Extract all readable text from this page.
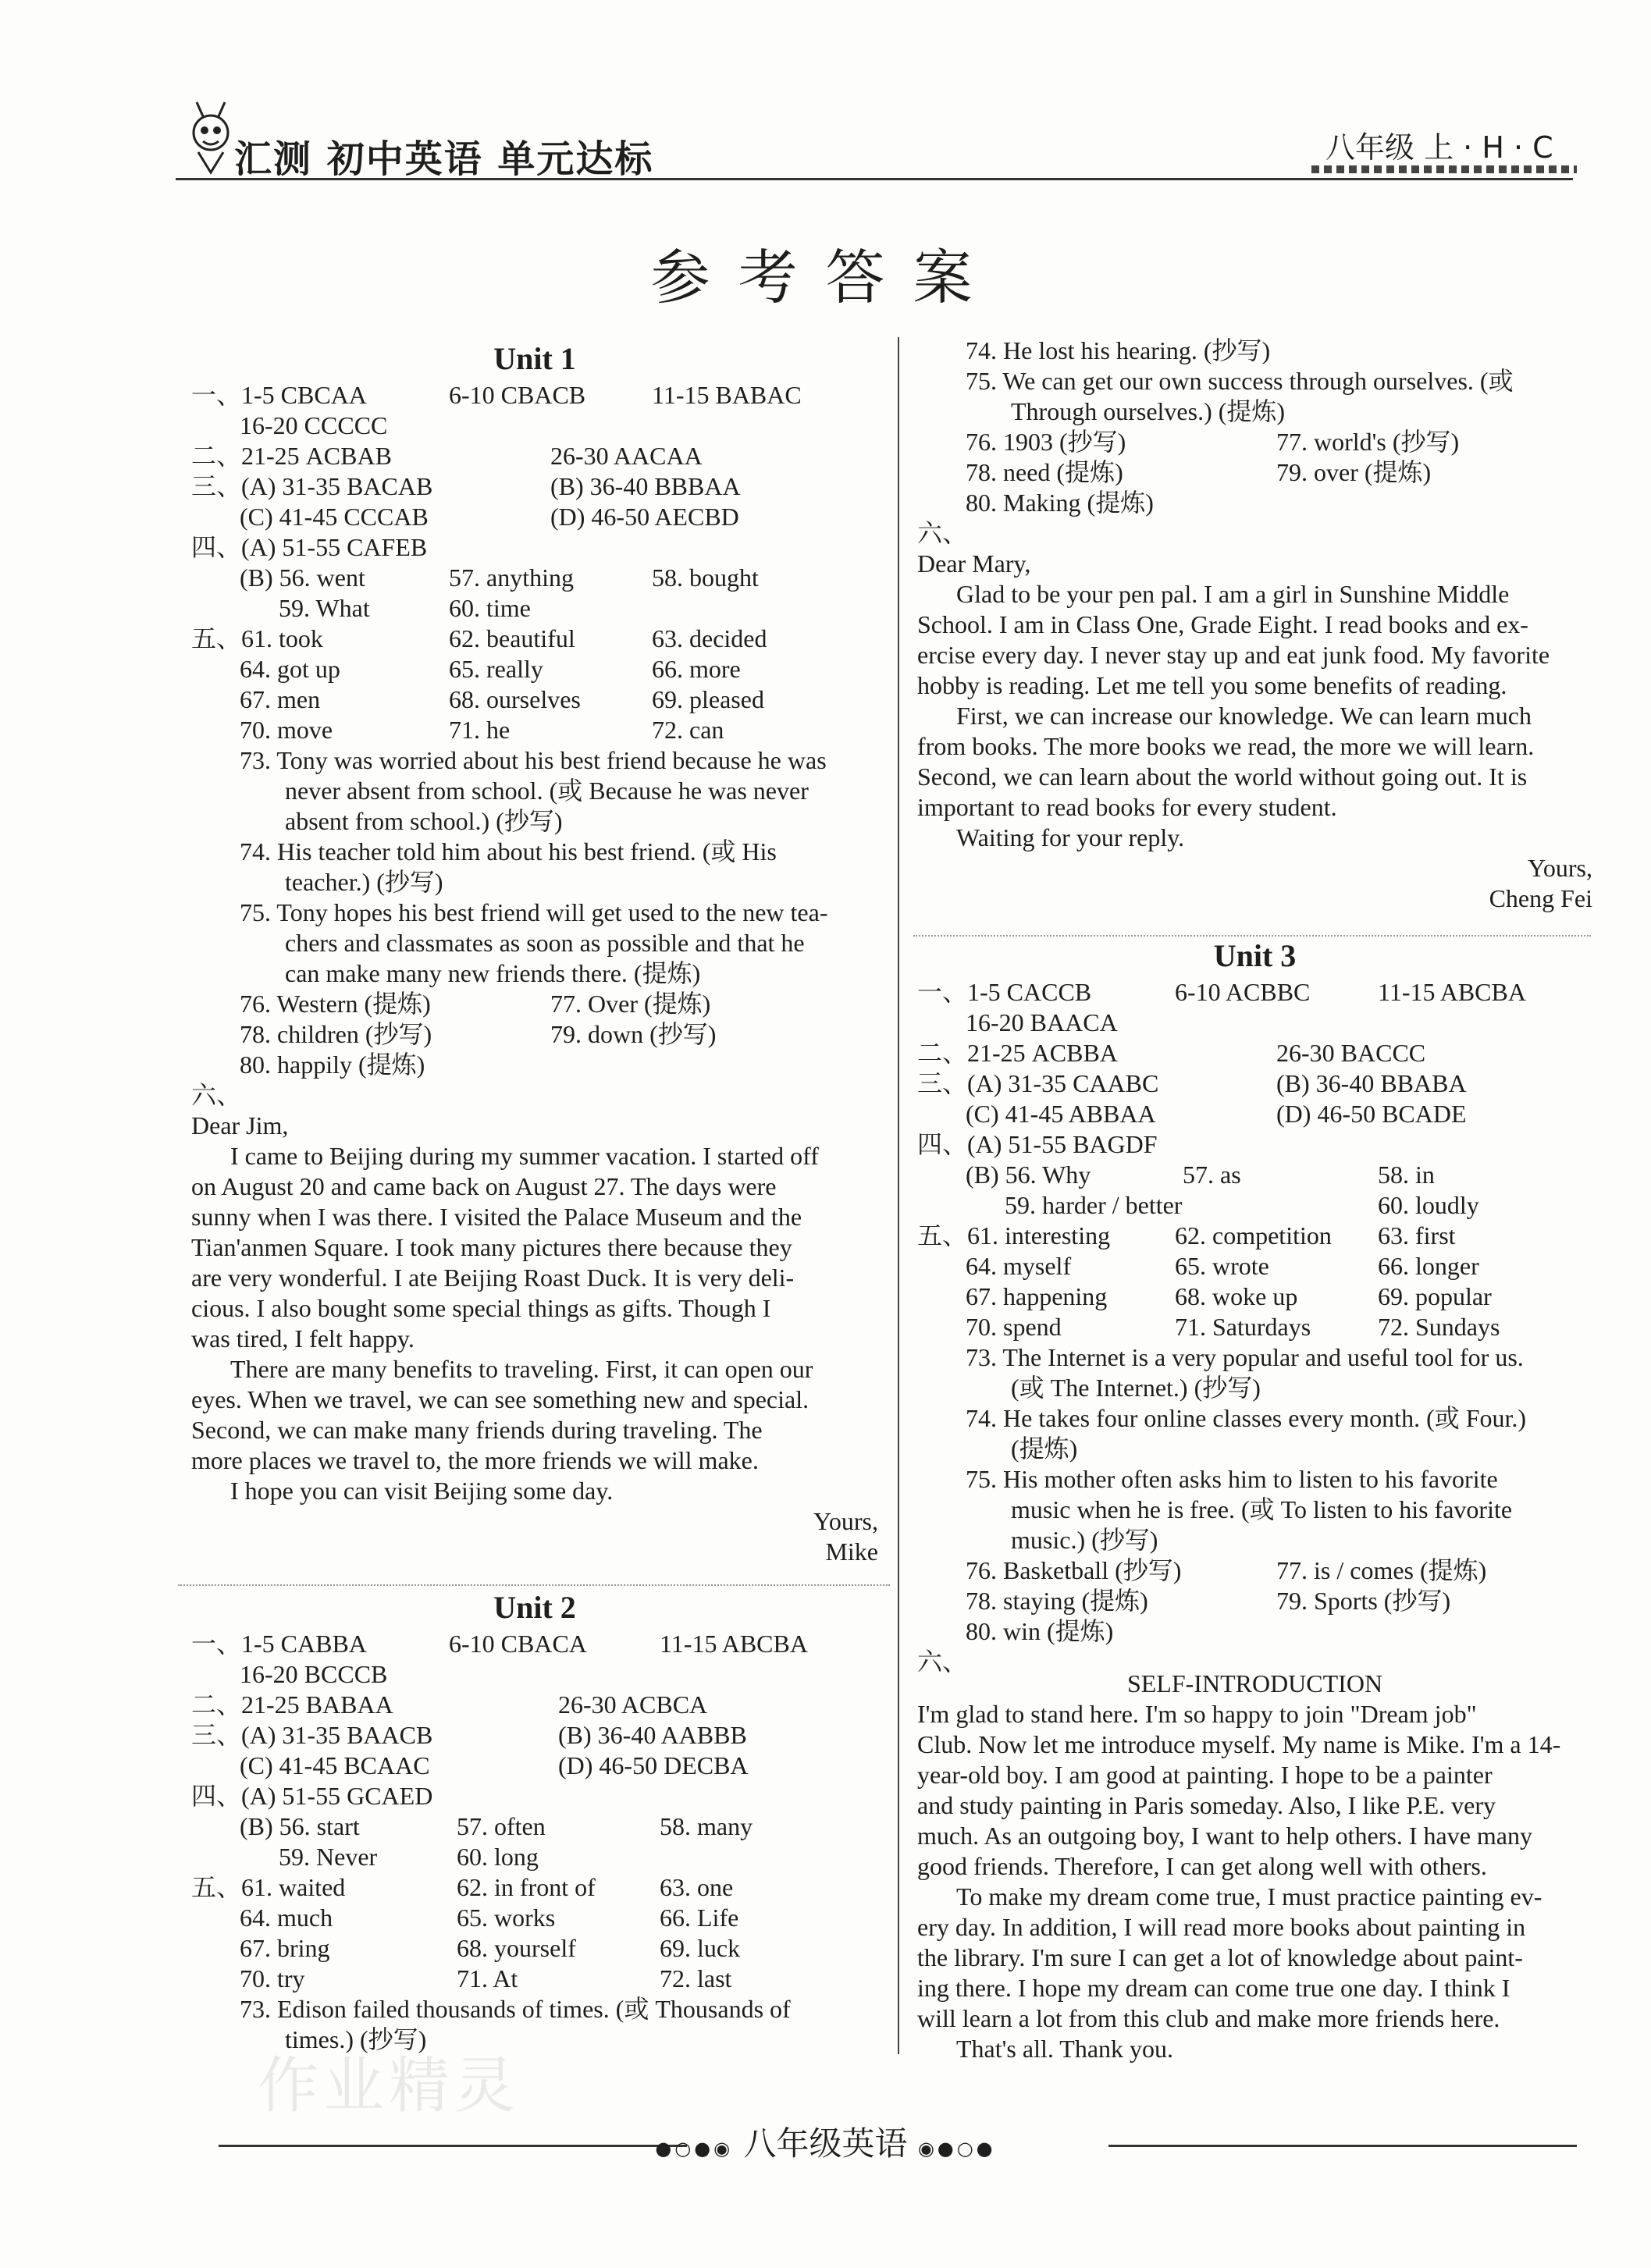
汇测 初中英语 单元达标	八年级 上 · H · C
参考答案
Unit 1
一、1-5 CBCAA	6-10 CBACB	11-15 BABAC
16-20 CCCCC
二、21-25 ACBAB	26-30 AACAA
三、(A) 31-35 BACAB	(B) 36-40 BBBAA
(C) 41-45 CCCAB	(D) 46-50 AECBD
四、(A) 51-55 CAFEB
(B) 56. went	57. anything	58. bought
59. What	60. time
五、61. took	62. beautiful	63. decided
64. got up	65. really	66. more
67. men	68. ourselves	69. pleased
70. move	71. he	72. can
73. Tony was worried about his best friend because he was
never absent from school. (或 Because he was never
absent from school.) (抄写)
74. His teacher told him about his best friend. (或 His
teacher.) (抄写)
75. Tony hopes his best friend will get used to the new tea-
chers and classmates as soon as possible and that he
can make many new friends there. (提炼)
76. Western (提炼)	77. Over (提炼)
78. children (抄写)	79. down (抄写)
80. happily (提炼)
六、
Dear Jim,
I came to Beijing during my summer vacation. I started off
on August 20 and came back on August 27. The days were
sunny when I was there. I visited the Palace Museum and the
Tian'anmen Square. I took many pictures there because they
are very wonderful. I ate Beijing Roast Duck. It is very deli-
cious. I also bought some special things as gifts. Though I
was tired, I felt happy.
There are many benefits to traveling. First, it can open our
eyes. When we travel, we can see something new and special.
Second, we can make many friends during traveling. The
more places we travel to, the more friends we will make.
I hope you can visit Beijing some day.
Yours,
Mike
Unit 2
一、1-5 CABBA	6-10 CBACA	11-15 ABCBA
16-20 BCCCB
二、21-25 BABAA	26-30 ACBCA
三、(A) 31-35 BAACB	(B) 36-40 AABBB
(C) 41-45 BCAAC	(D) 46-50 DECBA
四、(A) 51-55 GCAED
(B) 56. start	57. often	58. many
59. Never	60. long
五、61. waited	62. in front of	63. one
64. much	65. works	66. Life
67. bring	68. yourself	69. luck
70. try	71. At	72. last
73. Edison failed thousands of times. (或 Thousands of
times.) (抄写)
74. He lost his hearing. (抄写)
75. We can get our own success through ourselves. (或
Through ourselves.) (提炼)
76. 1903 (抄写)	77. world's (抄写)
78. need (提炼)	79. over (提炼)
80. Making (提炼)
六、
Dear Mary,
Glad to be your pen pal. I am a girl in Sunshine Middle
School. I am in Class One, Grade Eight. I read books and ex-
ercise every day. I never stay up and eat junk food. My favorite
hobby is reading. Let me tell you some benefits of reading.
First, we can increase our knowledge. We can learn much
from books. The more books we read, the more we will learn.
Second, we can learn about the world without going out. It is
important to read books for every student.
Waiting for your reply.
Yours,
Cheng Fei
Unit 3
一、1-5 CACCB	6-10 ACBBC	11-15 ABCBA
16-20 BAACA
二、21-25 ACBBA	26-30 BACCC
三、(A) 31-35 CAABC	(B) 36-40 BBABA
(C) 41-45 ABBAA	(D) 46-50 BCADE
四、(A) 51-55 BAGDF
(B) 56. Why	57. as	58. in
59. harder / better	60. loudly
五、61. interesting	62. competition 63. first
64. myself	65. wrote	66. longer
67. happening	68. woke up	69. popular
70. spend	71. Saturdays	72. Sundays
73. The Internet is a very popular and useful tool for us.
(或 The Internet.) (抄写)
74. He takes four online classes every month. (或 Four.)
(提炼)
75. His mother often asks him to listen to his favorite
music when he is free. (或 To listen to his favorite
music.) (抄写)
76. Basketball (抄写)	77. is / comes (提炼)
78. staying (提炼)	79. Sports (抄写)
80. win (提炼)
六、
SELF-INTRODUCTION
I'm glad to stand here. I'm so happy to join "Dream job"
Club. Now let me introduce myself. My name is Mike. I'm a 14-
year-old boy. I am good at painting. I hope to be a painter
and study painting in Paris someday. Also, I like P.E. very
much. As an outgoing boy, I want to help others. I have many
good friends. Therefore, I can get along well with others.
To make my dream come true, I must practice painting ev-
ery day. In addition, I will read more books about painting in
the library. I'm sure I can get a lot of knowledge about paint-
ing there. I hope my dream can come true one day. I think I
will learn a lot from this club and make more friends here.
That's all. Thank you.
作业精灵
●○●◉ 八年级英语 ◉●○●
